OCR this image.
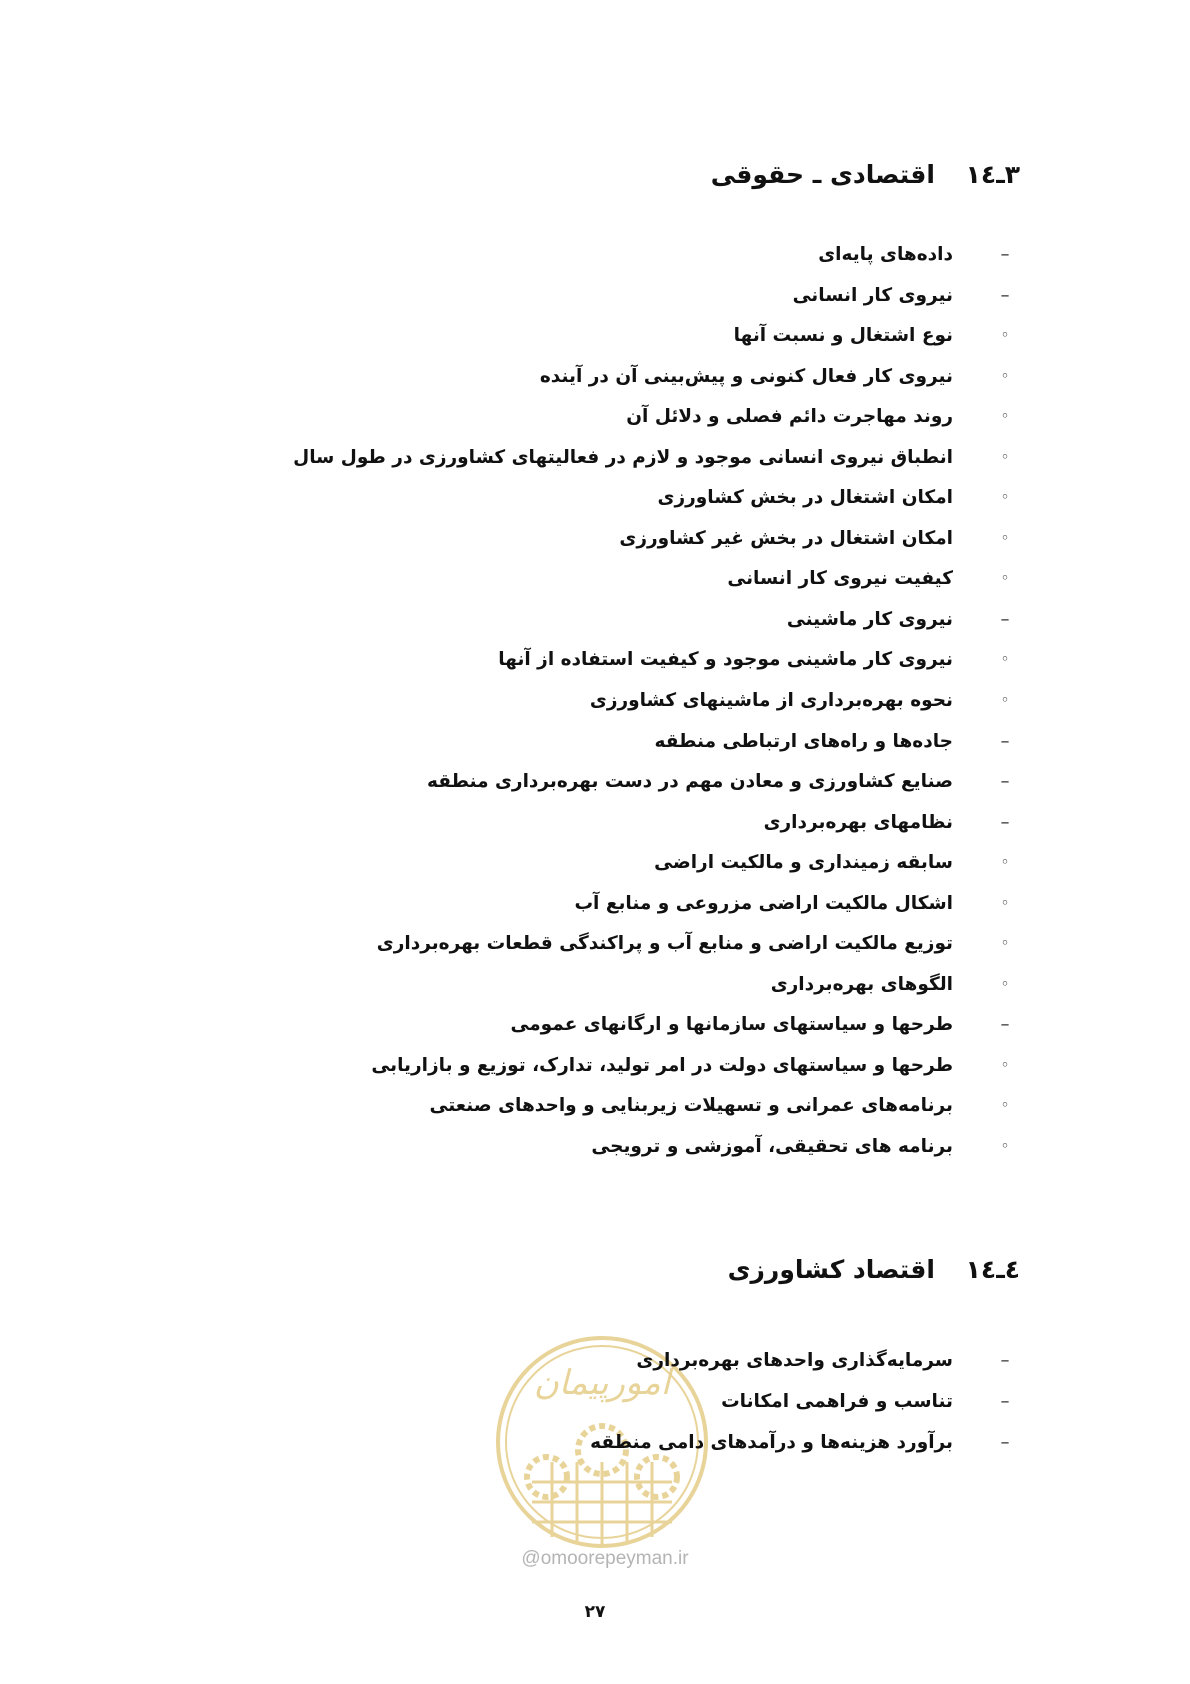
٣ـ١٤ اقتصادی ـ حقوقی
–
داده‌های پایه‌ای
–
نیروی کار انسانی
◦
نوع اشتغال و نسبت آنها
◦
نیروی کار فعال کنونی و پیش‌بینی آن در آینده
◦
روند مهاجرت دائم فصلی و دلائل آن
◦
انطباق نیروی انسانی موجود و لازم در فعالیتهای کشاورزی در طول سال
◦
امکان اشتغال در بخش کشاورزی
◦
امکان اشتغال در بخش غیر کشاورزی
◦
کیفیت نیروی کار انسانی
–
نیروی کار ماشینی
◦
نیروی کار ماشینی موجود و کیفیت استفاده از آنها
◦
نحوه بهره‌برداری از ماشینهای کشاورزی
–
جاده‌ها و راه‌های ارتباطی منطقه
–
صنایع کشاورزی و معادن مهم در دست بهره‌برداری منطقه
–
نظامهای بهره‌برداری
◦
سابقه زمینداری و مالکیت اراضی
◦
اشکال مالکیت اراضی مزروعی و منابع آب
◦
توزیع مالکیت اراضی و منابع آب و پراکندگی قطعات بهره‌برداری
◦
الگوهای بهره‌برداری
–
طرحها و سیاستهای سازمانها و ارگانهای عمومی
◦
طرحها و سیاستهای دولت در امر تولید، تدارک، توزیع و بازاریابی
◦
برنامه‌های عمرانی و تسهیلات زیربنایی و واحدهای صنعتی
◦
برنامه های تحقیقی، آموزشی و ترویجی
٤ـ١٤ اقتصاد کشاورزی
امورپیمان
@omoorepeyman.ir
–
سرمایه‌گذاری واحدهای بهره‌برداری
–
تناسب و فراهمی امکانات
–
برآورد هزینه‌ها و درآمدهای دامی منطقه
٢٧
